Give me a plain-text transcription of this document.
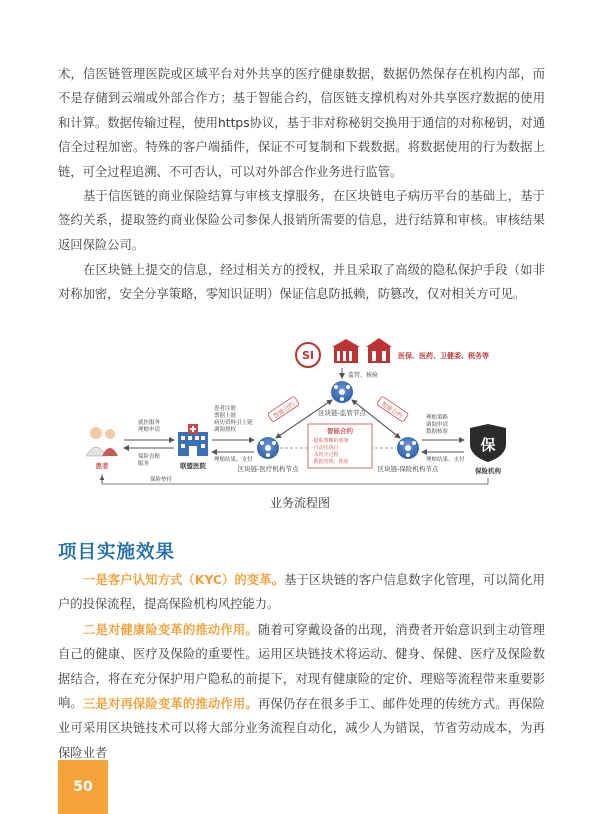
术，信医链管理医院或区域平台对外共享的医疗健康数据，数据仍然保存在机构内部，而不是存储到云端或外部合作方；基于智能合约，信医链支撑机构对外共享医疗数据的使用和计算。数据传输过程，使用https协议，基于非对称秘钥交换用于通信的对称秘钥，对通信全过程加密。特殊的客户端插件，保证不可复制和下载数据。将数据使用的行为数据上链，可全过程追溯、不可否认，可以对外部合作业务进行监管。

基于信医链的商业保险结算与审核支撑服务，在区块链电子病历平台的基础上，基于签约关系，提取签约商业保险公司参保人报销所需要的信息，进行结算和审核。审核结果返回保险公司。

在区块链上提交的信息，经过相关方的授权，并且采取了高级的隐私保护手段（如非对称加密，安全分享策略，零知识证明）保证信息防抵赖，防篡改，仅对相关方可见。

SI	医保、医药、卫健委、税务等
监管、核验
区块链-监管节点
区块链-医疗机构节点	区块链-保险机构节点
智能合约	智能合约
智能合约
·隐私策略的部署
·自动化执行
·永恒全过程
·数据管理、核验
患者
就医服务
理赔申请
保险直赔
服务	联盟医院
患者注册
票据上链
病历资料引上链
调阅授权
理赔结果、支付
理赔策略
调阅申请
数据核验
理赔结果、支付
保
保险机构
保险垫付
业务流程图
项目实施效果

一是客户认知方式（KYC）的变革。基于区块链的客户信息数字化管理，可以简化用户的投保流程，提高保险机构风控能力。

二是对健康险变革的推动作用。随着可穿戴设备的出现，消费者开始意识到主动管理自己的健康、医疗及保险的重要性。运用区块链技术将运动、健身、保健、医疗及保险数据结合，将在充分保护用户隐私的前提下，对现有健康险的定价、理赔等流程带来重要影响。 三是对再保险变革的推动作用。再保仍存在很多手工、邮件处理的传统方式。再保险业可采用区块链技术可以将大部分业务流程自动化，减少人为错误，节省劳动成本，为再保险业者

50
